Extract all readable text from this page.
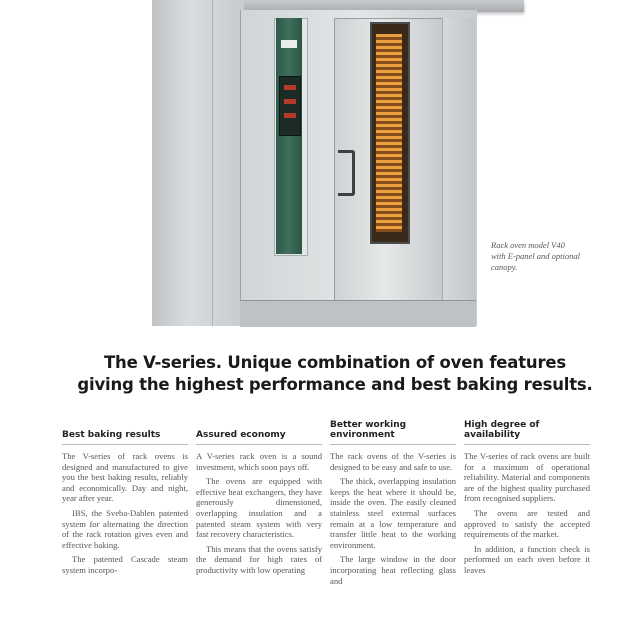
Rack oven model V40 with E-panel and optional canopy.
The V-series. Unique combination of oven features
giving the highest performance and best baking results.
Best baking results

The V-series of rack ovens is designed and manufactured to give you the best baking results, reliably and economically. Day and night, year after year.

IBS, the Sveba-Dahlen patented system for alternating the direction of the rack rotation gives even and effective baking.

The patented Cascade steam system incorpo-

Assured economy

A V-series rack oven is a sound investment, which soon pays off.

The ovens are equipped with effective heat exchangers, they have generously dimensioned, overlapping insulation and a patented steam system with very fast recovery characteristics.

This means that the ovens satisfy the demand for high rates of productivity with low operating

Better working environment

The rack ovens of the V-series is designed to be easy and safe to use.

The thick, overlapping insulation keeps the heat where it should be, inside the oven. The easily cleaned stainless steel external surfaces remain at a low temperature and transfer little heat to the working environment.

The large window in the door incorporating heat reflecting glass and

High degree of availability

The V-series of rack ovens are built for a maximum of operational reliability. Material and components are of the highest quality purchased from recognised suppliers.

The ovens are tested and approved to satisfy the accepted requirements of the market.

In addition, a function check is performed on each oven before it leaves
